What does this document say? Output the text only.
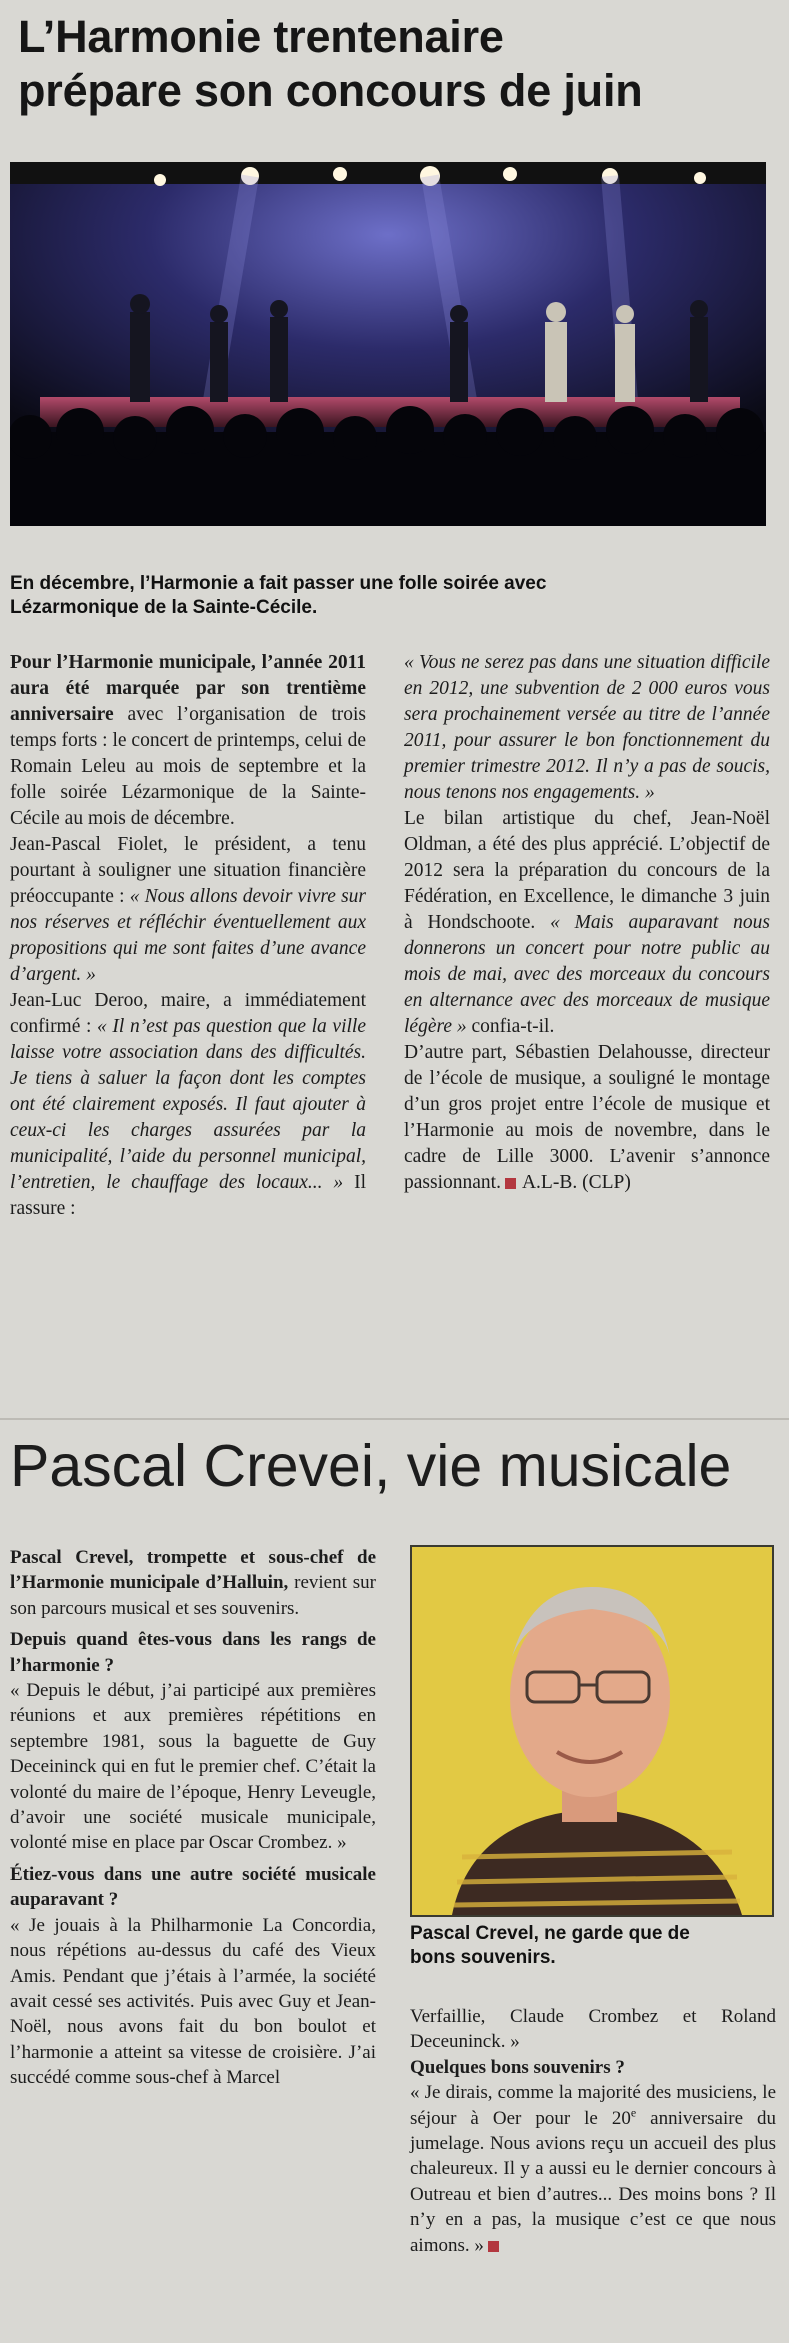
L’Harmonie trentenaire
prépare son concours de juin
En décembre, l’Harmonie a fait passer une folle soirée avec
Lézarmonique de la Sainte-Cécile.

Pour l’Harmonie municipale, l’année 2011 aura été marquée par son trentième anniversaire avec l’organisation de trois temps forts : le concert de printemps, celui de Romain Leleu au mois de septembre et la folle soirée Lézarmonique de la Sainte-Cécile au mois de décembre.

Jean-Pascal Fiolet, le président, a tenu pourtant à souligner une situation financière préoccupante : « Nous allons devoir vivre sur nos réserves et réfléchir éventuellement aux propositions qui me sont faites d’une avance d’argent. »

Jean-Luc Deroo, maire, a immédiatement confirmé : « Il n’est pas question que la ville laisse votre association dans des difficultés. Je tiens à saluer la façon dont les comptes ont été clairement exposés. Il faut ajouter à ceux-ci les charges assurées par la municipalité, l’aide du personnel municipal, l’entretien, le chauffage des locaux... » Il rassure :

« Vous ne serez pas dans une situation difficile en 2012, une subvention de 2 000 euros vous sera prochainement versée au titre de l’année 2011, pour assurer le bon fonctionnement du premier trimestre 2012. Il n’y a pas de soucis, nous tenons nos engagements. »

Le bilan artistique du chef, Jean-Noël Oldman, a été des plus apprécié. L’objectif de 2012 sera la préparation du concours de la Fédération, en Excellence, le dimanche 3 juin à Hondschoote. « Mais auparavant nous donnerons un concert pour notre public au mois de mai, avec des morceaux du concours en alternance avec des morceaux de musique légère » confia-t-il.

D’autre part, Sébastien Delahousse, directeur de l’école de musique, a souligné le montage d’un gros projet entre l’école de musique et l’Harmonie au mois de novembre, dans le cadre de Lille 3000. L’avenir s’annonce passionnant. A.L-B. (CLP)

Pascal Crevei, vie musicale

Pascal Crevel, trompette et sous-chef de l’Harmonie municipale d’Halluin, revient sur son parcours musical et ses souvenirs.

Depuis quand êtes-vous dans les rangs de l’harmonie ?

« Depuis le début, j’ai participé aux premières réunions et aux premières répétitions en septembre 1981, sous la baguette de Guy Deceininck qui en fut le premier chef. C’était la volonté du maire de l’époque, Henry Leveugle, d’avoir une société musicale municipale, volonté mise en place par Oscar Crombez. »

Étiez-vous dans une autre société musicale auparavant ?

« Je jouais à la Philharmonie La Concordia, nous répétions au-dessus du café des Vieux Amis. Pendant que j’étais à l’armée, la société avait cessé ses activités. Puis avec Guy et Jean-Noël, nous avons fait du bon boulot et l’harmonie a atteint sa vitesse de croisière. J’ai succédé comme sous-chef à Marcel

Pascal Crevel, ne garde que de
bons souvenirs.

Verfaillie, Claude Crombez et Roland Deceuninck. »

Quelques bons souvenirs ?

« Je dirais, comme la majorité des musiciens, le séjour à Oer pour le 20e anniversaire du jumelage. Nous avions reçu un accueil des plus chaleureux. Il y a aussi eu le dernier concours à Outreau et bien d’autres... Des moins bons ? Il n’y en a pas, la musique c’est ce que nous aimons. »
